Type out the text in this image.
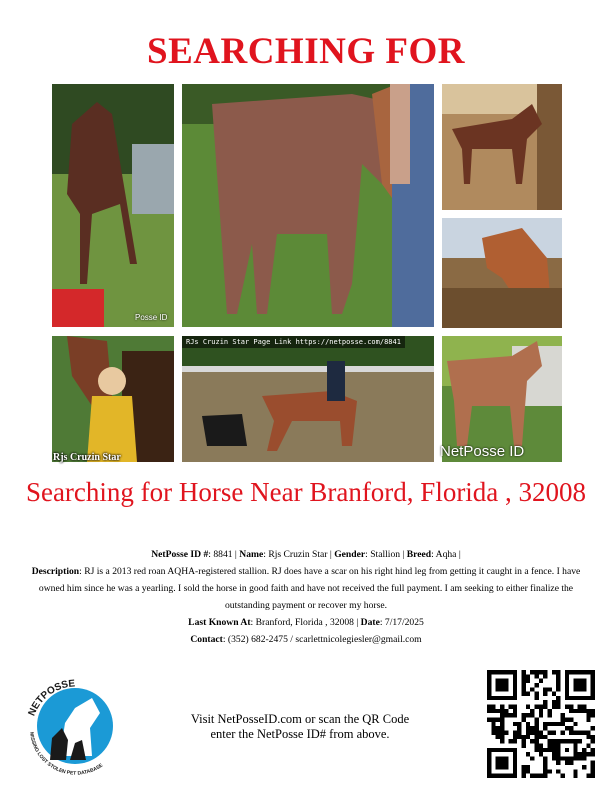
SEARCHING FOR
Posse ID
Rjs Cruzin Star
RJs Cruzin Star Page Link https://netposse.com/8841
NetPosse ID
Searching for Horse Near Branford, Florida , 32008
NetPosse ID #: 8841 | Name: Rjs Cruzin Star | Gender: Stallion | Breed: Aqha |
Description: RJ is a 2013 red roan AQHA-registered stallion. RJ does have a scar on his right hind leg from getting it caught in a fence. I have owned him since he was a yearling. I sold the horse in good faith and have not received the full payment. I am seeking to either finalize the outstanding payment or recover my horse.
Last Known At: Branford, Florida , 32008 | Date: 7/17/2025
Contact: (352) 682-2475 / scarlettnicolegiesler@gmail.com
NETPOSSE
MISSING LOST STOLEN PET DATABASE
Visit NetPosseID.com or scan the QR Code
enter the NetPosse ID# from above.
